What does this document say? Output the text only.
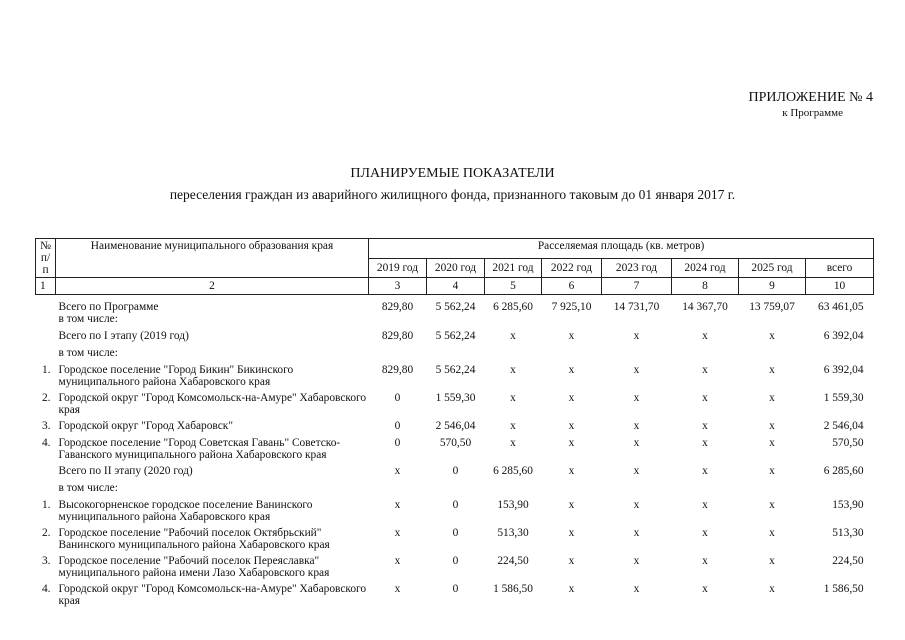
ПРИЛОЖЕНИЕ № 4
к Программе
ПЛАНИРУЕМЫЕ ПОКАЗАТЕЛИ
переселения граждан из аварийного жилищного фонда, признанного таковым до 01 января 2017 г.
№ п/п	Наименование муниципального образования края	Расселяемая площадь (кв. метров)							
		2019 год	2020 год	2021 год	2022 год	2023 год	2024 год	2025 год	всего
1	2	3	4	5	6	7	8	9	10
	Всего по Программе	829,80	5 562,24	6 285,60	7 925,10	14 731,70	14 367,70	13 759,07	63 461,05
	в том числе:								
	Всего по I этапу (2019 год)	829,80	5 562,24	х	х	х	х	х	6 392,04
	в том числе:								
1.	Городское поселение "Город Бикин" Бикинского муниципального района Хабаровского края	829,80	5 562,24	х	х	х	х	х	6 392,04
2.	Городской округ "Город Комсомольск-на-Амуре" Хабаровского края	0	1 559,30	х	х	х	х	х	1 559,30
3.	Городской округ "Город Хабаровск"	0	2 546,04	х	х	х	х	х	2 546,04
4.	Городское поселение "Город Советская Гавань" Советско-Гаванского муниципального района Хабаровского края	0	570,50	х	х	х	х	х	570,50
	Всего по II этапу (2020 год)	х	0	6 285,60	х	х	х	х	6 285,60
	в том числе:								
1.	Высокогорненское городское поселение Ванинского муниципального района Хабаровского края	х	0	153,90	х	х	х	х	153,90
2.	Городское поселение "Рабочий поселок Октябрьский" Ванинского муниципального района Хабаровского края	х	0	513,30	х	х	х	х	513,30
3.	Городское поселение "Рабочий поселок Переяславка" муниципального района имени Лазо Хабаровского края	х	0	224,50	х	х	х	х	224,50
4.	Городской округ "Город Комсомольск-на-Амуре" Хабаровского края	х	0	1 586,50	х	х	х	х	1 586,50
